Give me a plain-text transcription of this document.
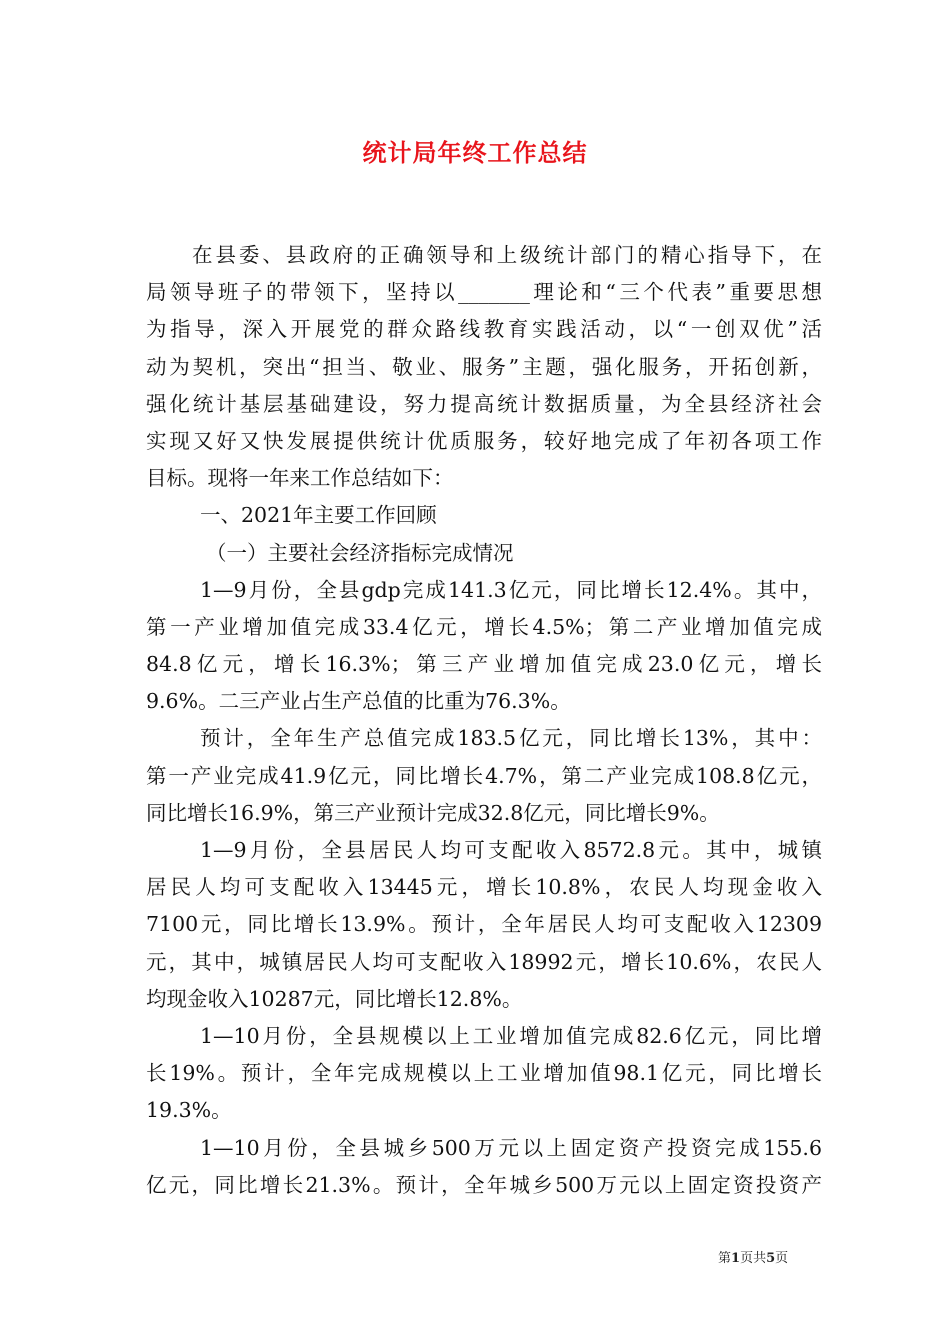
统计局年终工作总结
在县委、县政府的正确领导和上级统计部门的精心指导下，在
局领导班子的带领下，坚持以_______理论和“三个代表”重要思想
为指导，深入开展党的群众路线教育实践活动，以“一创双优”活
动为契机，突出“担当、敬业、服务”主题，强化服务，开拓创新，
强化统计基层基础建设，努力提高统计数据质量，为全县经济社会
实现又好又快发展提供统计优质服务，较好地完成了年初各项工作
目标。现将一年来工作总结如下：
一、2021年主要工作回顾
（一）主要社会经济指标完成情况
1—9月份，全县gdp完成141.3亿元，同比增长12.4%。其中，
第一产业增加值完成33.4亿元，增长4.5%；第二产业增加值完成
84.8亿元，增长16.3%；第三产业增加值完成23.0亿元，增长
9.6%。二三产业占生产总值的比重为76.3%。
预计，全年生产总值完成183.5亿元，同比增长13%，其中：
第一产业完成41.9亿元，同比增长4.7%，第二产业完成108.8亿元，
同比增长16.9%，第三产业预计完成32.8亿元，同比增长9%。
1—9月份，全县居民人均可支配收入8572.8元。其中，城镇
居民人均可支配收入13445元，增长10.8%，农民人均现金收入
7100元，同比增长13.9%。预计，全年居民人均可支配收入12309
元，其中，城镇居民人均可支配收入18992元，增长10.6%，农民人
均现金收入10287元，同比增长12.8%。
1—10月份，全县规模以上工业增加值完成82.6亿元，同比增
长19%。预计，全年完成规模以上工业增加值98.1亿元，同比增长
19.3%。
1—10月份，全县城乡500万元以上固定资产投资完成155.6
亿元，同比增长21.3%。预计，全年城乡500万元以上固定资投资产
第1页共5页
